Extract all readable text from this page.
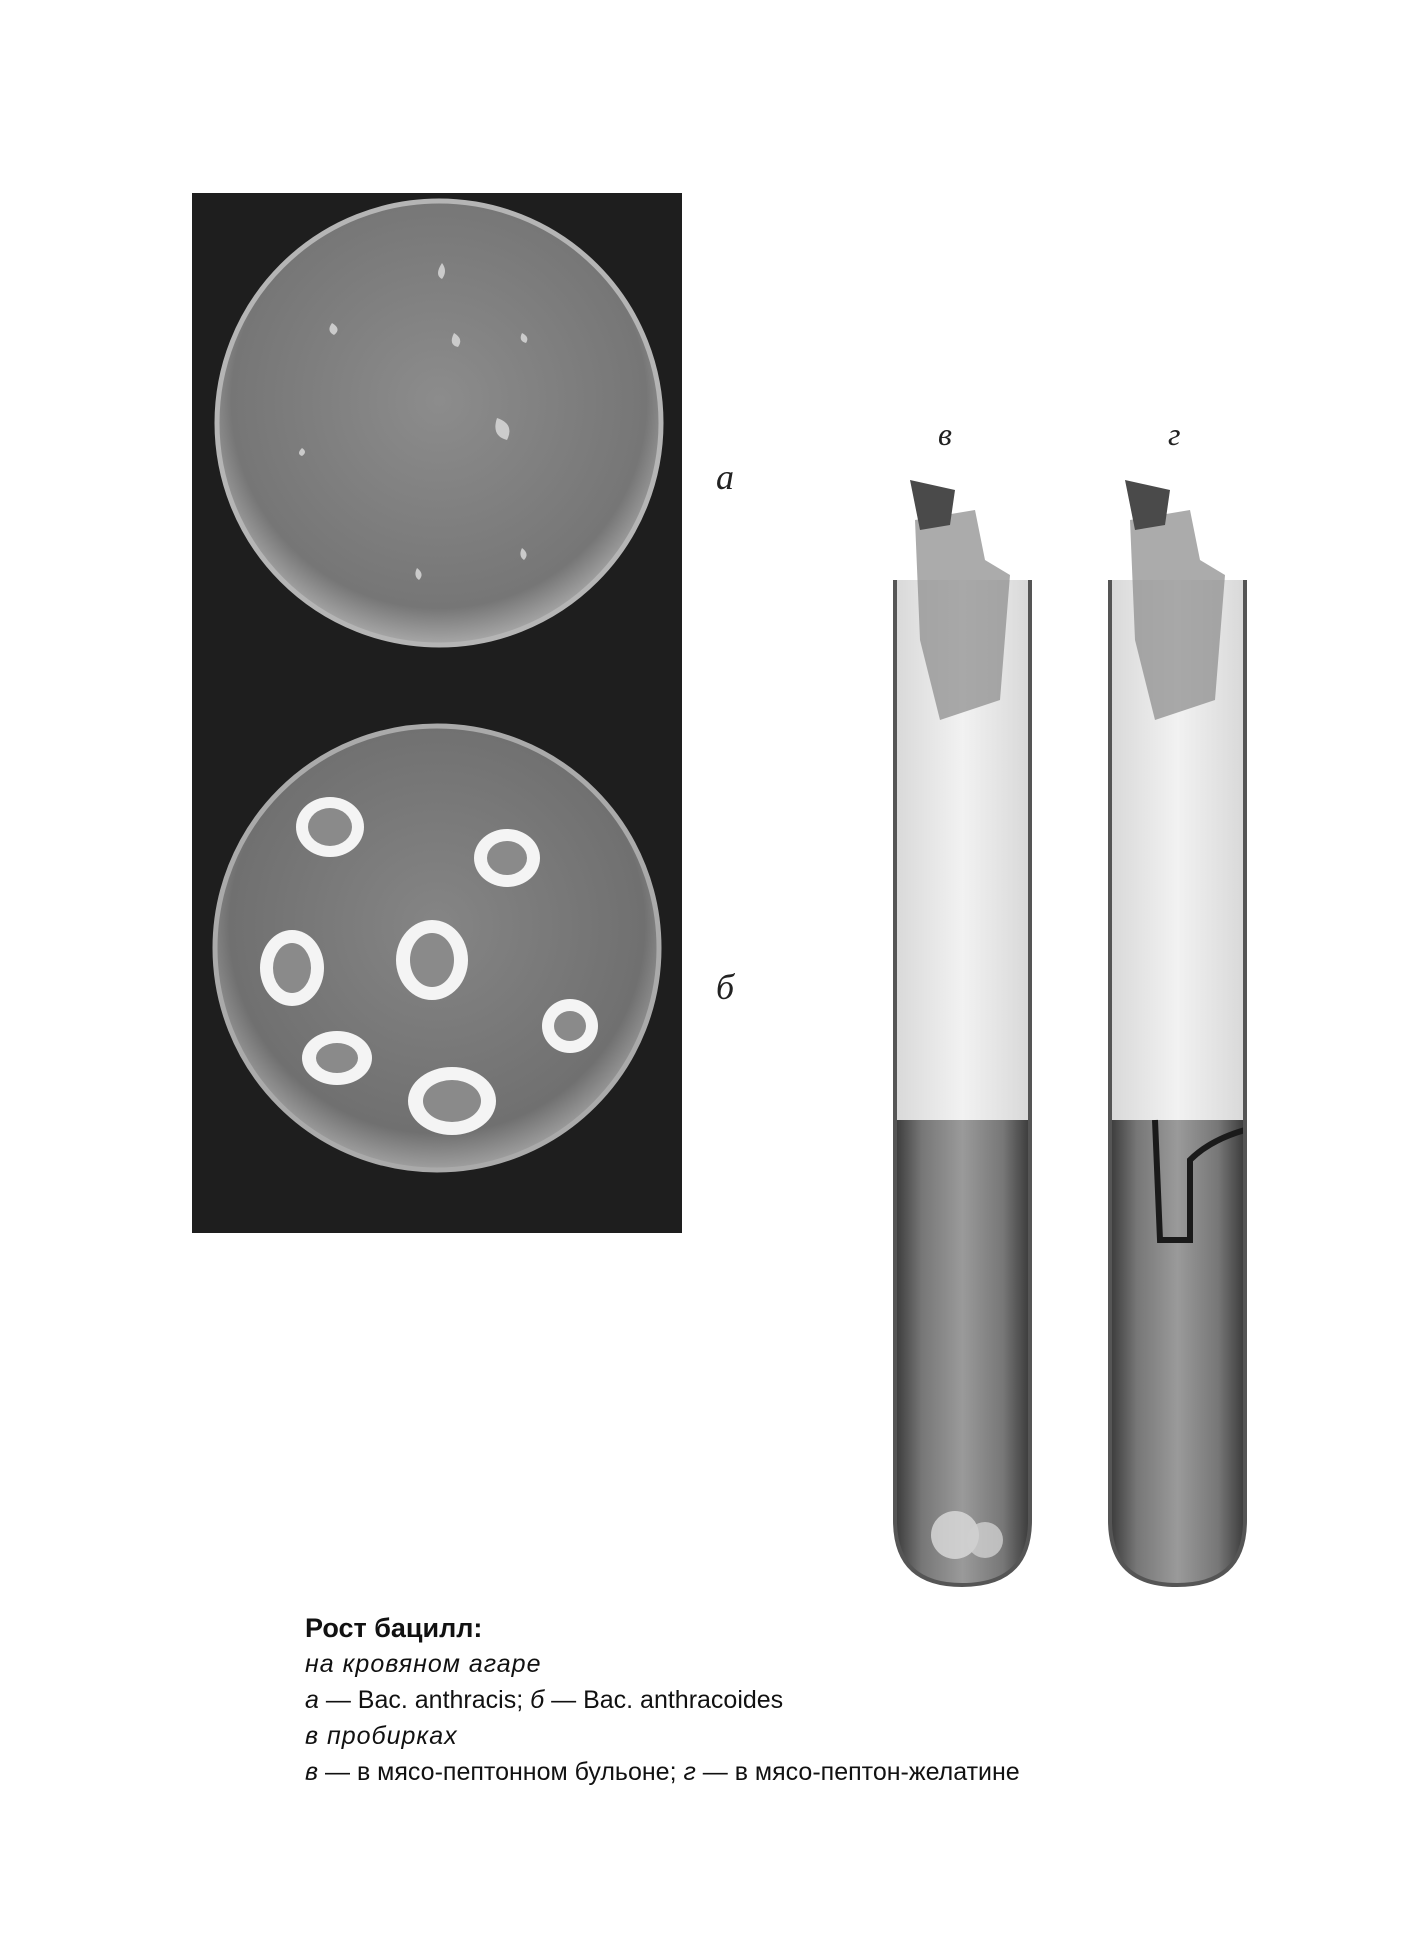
а
б
в	г
Рост бацилл:
на кровяном агаре
а — Bac. anthracis; б — Bac. anthracoides
в пробирках
в — в мясо-пептонном бульоне; г — в мясо-пептон-желатине
